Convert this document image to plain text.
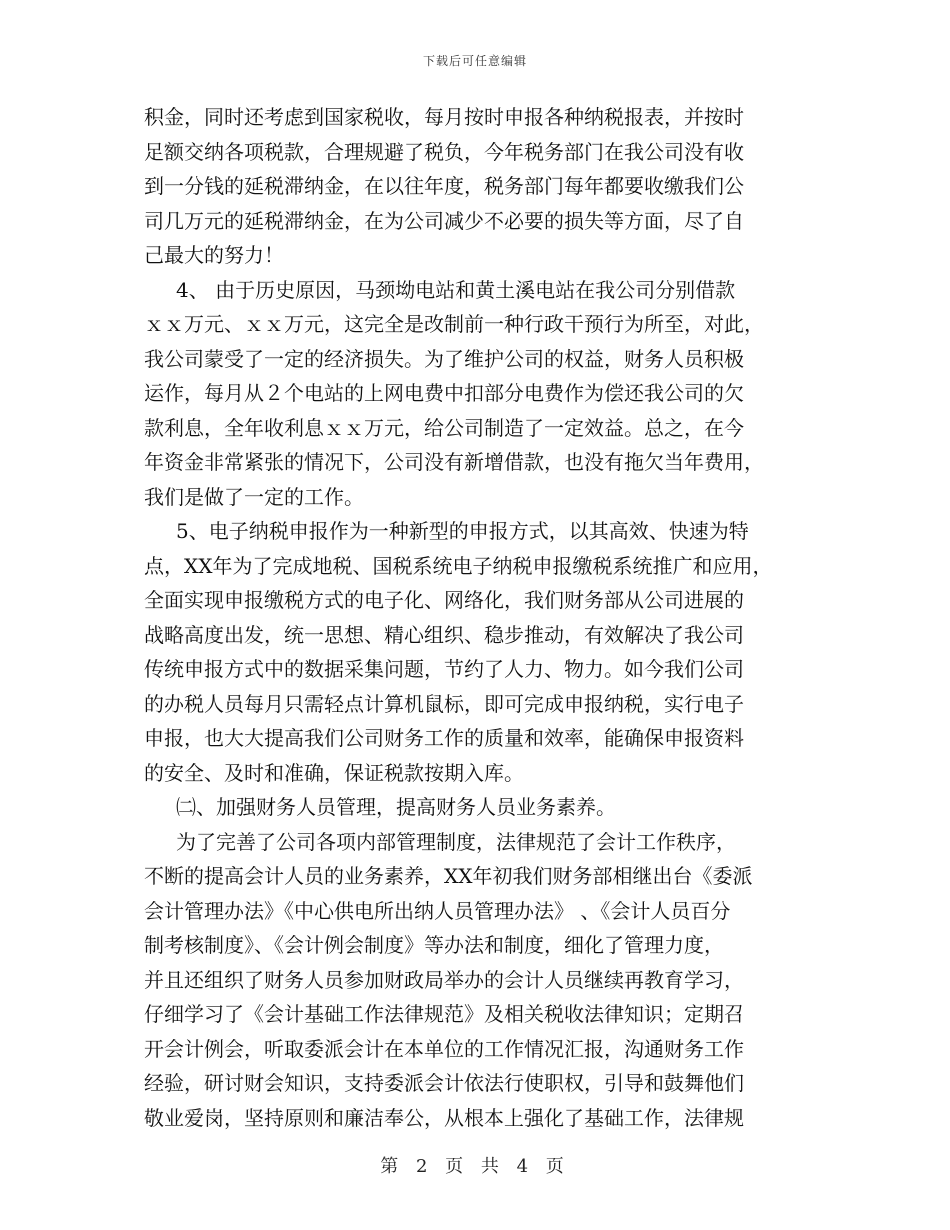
下载后可任意编辑
积金，同时还考虑到国家税收，每月按时申报各种纳税报表，并按时
足额交纳各项税款，合理规避了税负，今年税务部门在我公司没有收
到一分钱的延税滞纳金，在以往年度，税务部门每年都要收缴我们公
司几万元的延税滞纳金，在为公司减少不必要的损失等方面，尽了自
己最大的努力！
4、 由于历史原因，马颈坳电站和黄土溪电站在我公司分别借款
ｘｘ万元、ｘｘ万元，这完全是改制前一种行政干预行为所至，对此，
我公司蒙受了一定的经济损失。为了维护公司的权益，财务人员积极
运作，每月从２个电站的上网电费中扣部分电费作为偿还我公司的欠
款利息，全年收利息ｘｘ万元，给公司制造了一定效益。总之，在今
年资金非常紧张的情况下，公司没有新增借款，也没有拖欠当年费用，
我们是做了一定的工作。
5、电子纳税申报作为一种新型的申报方式，以其高效、快速为特
点，XX年为了完成地税、国税系统电子纳税申报缴税系统推广和应用，
全面实现申报缴税方式的电子化、网络化，我们财务部从公司进展的
战略高度出发，统一思想、精心组织、稳步推动，有效解决了我公司
传统申报方式中的数据采集问题，节约了人力、物力。如今我们公司
的办税人员每月只需轻点计算机鼠标，即可完成申报纳税，实行电子
申报，也大大提高我们公司财务工作的质量和效率，能确保申报资料
的安全、及时和准确，保证税款按期入库。
㈡、加强财务人员管理，提高财务人员业务素养。
为了完善了公司各项内部管理制度，法律规范了会计工作秩序，
不断的提高会计人员的业务素养，XX年初我们财务部相继出台《委派
会计管理办法》《中心供电所出纳人员管理办法》 、《会计人员百分
制考核制度》、《会计例会制度》等办法和制度，细化了管理力度，
并且还组织了财务人员参加财政局举办的会计人员继续再教育学习，
仔细学习了《会计基础工作法律规范》及相关税收法律知识；定期召
开会计例会，听取委派会计在本单位的工作情况汇报，沟通财务工作
经验，研讨财会知识，支持委派会计依法行使职权，引导和鼓舞他们
敬业爱岗，坚持原则和廉洁奉公，从根本上强化了基础工作，法律规
第 2 页 共 4 页
